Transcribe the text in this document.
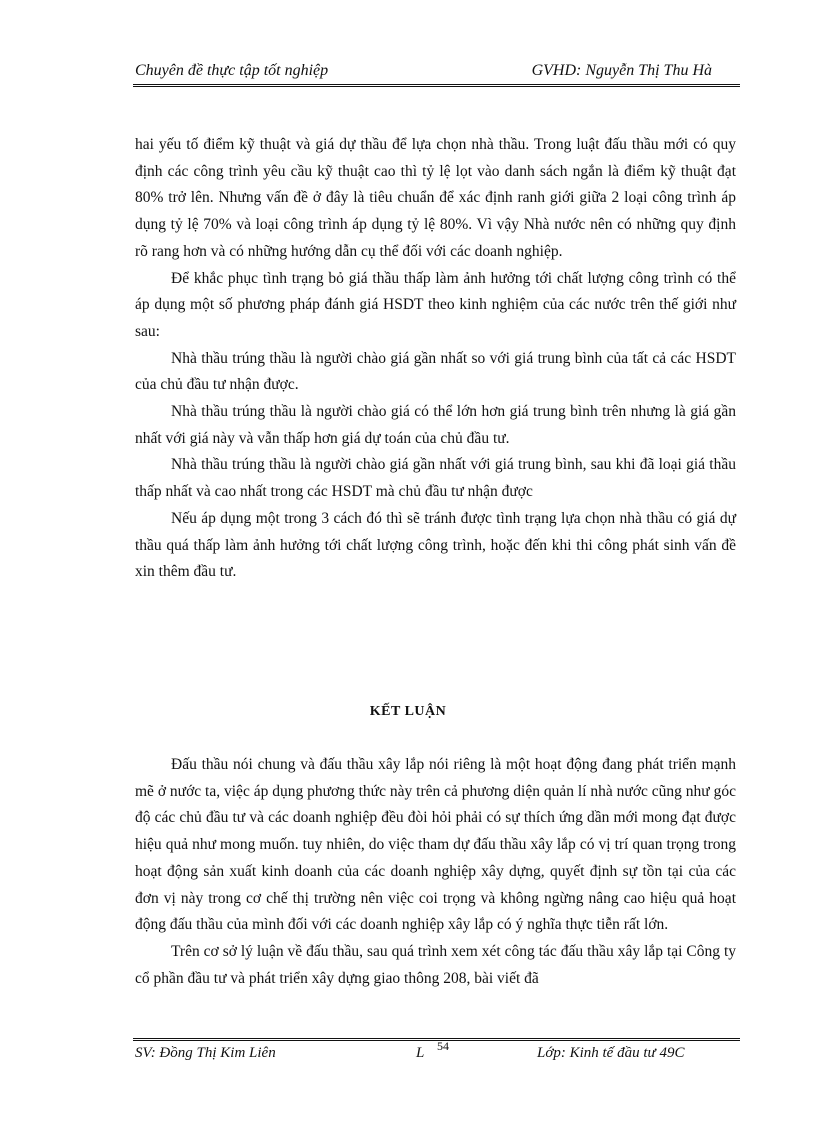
Chuyên đề thực tập tốt nghiệp	GVHD: Nguyễn Thị Thu Hà

hai yếu tố điểm kỹ thuật và giá dự thầu để lựa chọn nhà thầu. Trong luật đấu thầu mới có quy định các công trình yêu cầu kỹ thuật cao thì tỷ lệ lọt vào danh sách ngắn là điểm kỹ thuật đạt 80% trở lên. Nhưng vấn đề ở đây là tiêu chuẩn để xác định ranh giới giữa 2 loại công trình áp dụng tỷ lệ 70% và loại công trình áp dụng tỷ lệ 80%. Vì vậy Nhà nước nên có những quy định rõ rang hơn và có những hướng dẫn cụ thể đối với các doanh nghiệp.

Để khắc phục tình trạng bỏ giá thầu thấp làm ảnh hưởng tới chất lượng công trình có thể áp dụng một số phương pháp đánh giá HSDT theo kinh nghiệm của các nước trên thế giới như sau:

Nhà thầu trúng thầu là người chào giá gần nhất so với giá trung bình của tất cả các HSDT của chủ đầu tư nhận được.

Nhà thầu trúng thầu là người chào giá có thể lớn hơn giá trung bình trên nhưng là giá gần nhất với giá này và vẫn thấp hơn giá dự toán của chủ đầu tư.

Nhà thầu trúng thầu là người chào giá gần nhất với giá trung bình, sau khi đã loại giá thầu thấp nhất và cao nhất trong các HSDT mà chủ đầu tư nhận được

Nếu áp dụng một trong 3 cách đó thì sẽ tránh được tình trạng lựa chọn nhà thầu có giá dự thầu quá thấp làm ảnh hưởng tới chất lượng công trình, hoặc đến khi thi công phát sinh vấn đề xin thêm đầu tư.

KẾT LUẬN

Đấu thầu nói chung và đấu thầu xây lắp nói riêng là một hoạt động đang phát triển mạnh mẽ ở nước ta, việc áp dụng phương thức này trên cả phương diện quản lí nhà nước cũng như góc độ các chủ đầu tư và các doanh nghiệp đều đòi hỏi phải có sự thích ứng dần mới mong đạt được hiệu quả như mong muốn. tuy nhiên, do việc tham dự đấu thầu xây lắp có vị trí quan trọng trong hoạt động sản xuất kinh doanh của các doanh nghiệp xây dựng, quyết định sự tồn tại của các đơn vị này trong cơ chế thị trường nên việc coi trọng và không ngừng nâng cao hiệu quả hoạt động đấu thầu của mình đối với các doanh nghiệp xây lắp có ý nghĩa thực tiễn rất lớn.

Trên cơ sở lý luận về đấu thầu, sau quá trình xem xét công tác đấu thầu xây lắp tại Công ty cổ phần đầu tư và phát triển xây dựng giao thông 208, bài viết đã

SV: Đồng Thị Kim Liên	L 54	Lớp: Kinh tế đầu tư 49C
